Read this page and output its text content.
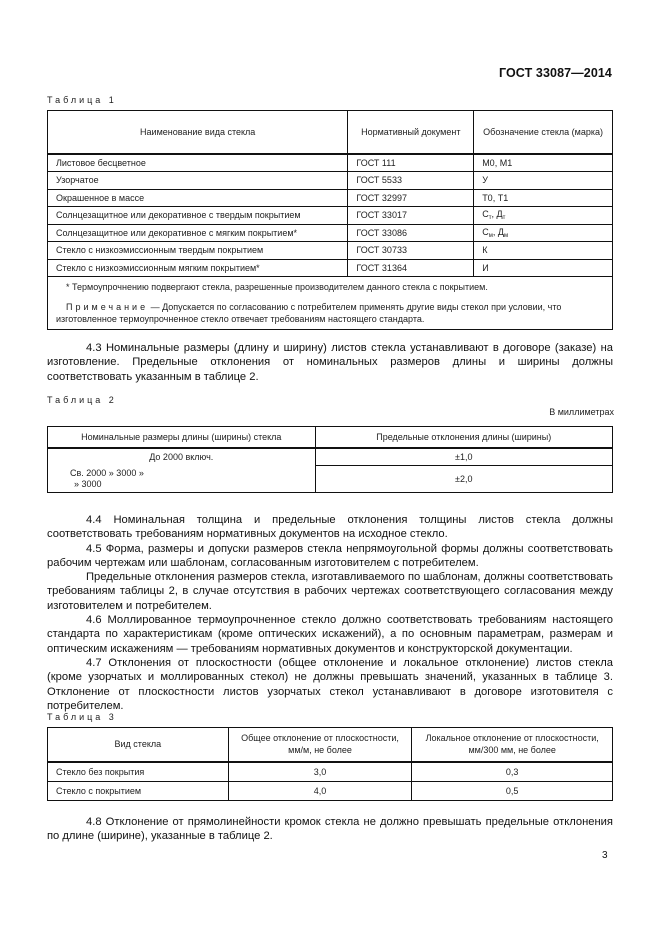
ГОСТ 33087—2014
Таблица 1
Наименование вида стекла	Нормативный документ	Обозначение стекла (марка)
Листовое бесцветное	ГОСТ 111	М0, М1
Узорчатое	ГОСТ 5533	У
Окрашенное в массе	ГОСТ 32997	Т0, Т1
Солнцезащитное или декоративное с твердым покрытием	ГОСТ 33017	$С_т$, $Д_т$
Солнцезащитное или декоративное с мягким покрытием*	ГОСТ 33086	$С_м$, $Д_м$
Стекло с низкоэмиссионным твердым покрытием	ГОСТ 30733	К
Стекло с низкоэмиссионным мягким покрытием*	ГОСТ 31364	И

* Термоупрочнению подвергают стекла, разрешенные производителем данного стекла с покрытием.

Примечание — Допускается по согласованию с потребителем применять другие виды стекол при условии, что изготовленное термоупрочненное стекло отвечает требованиям настоящего стандарта.		

4.3 Номинальные размеры (длину и ширину) листов стекла устанавливают в договоре (заказе) на изготовление. Предельные отклонения от номинальных размеров длины и ширины должны соответствовать указанным в таблице 2.

Таблица 2
В миллиметрах
Номинальные размеры длины (ширины) стекла	Предельные отклонения длины (ширины)
До 2000 включ.	±1,0

Св. 2000 » 3000 »
» 3000	±2,0

4.4 Номинальная толщина и предельные отклонения толщины листов стекла должны соответствовать требованиям нормативных документов на исходное стекло.

4.5 Форма, размеры и допуски размеров стекла непрямоугольной формы должны соответствовать рабочим чертежам или шаблонам, согласованным изготовителем с потребителем.

Предельные отклонения размеров стекла, изготавливаемого по шаблонам, должны соответствовать требованиям таблицы 2, в случае отсутствия в рабочих чертежах соответствующего согласования между изготовителем и потребителем.

4.6 Моллированное термоупрочненное стекло должно соответствовать требованиям настоящего стандарта по характеристикам (кроме оптических искажений), а по основным параметрам, размерам и оптическим искажениям — требованиям нормативных документов и конструкторской документации.

4.7 Отклонения от плоскостности (общее отклонение и локальное отклонение) листов стекла (кроме узорчатых и моллированных стекол) не должны превышать значений, указанных в таблице 3. Отклонение от плоскостности листов узорчатых стекол устанавливают в договоре изготовителя с потребителем.

Таблица 3
Вид стекла	Общее отклонение от плоскостности, мм/м, не более	Локальное отклонение от плоскостности, мм/300 мм, не более
Стекло без покрытия	3,0	0,3
Стекло с покрытием	4,0	0,5

4.8 Отклонение от прямолинейности кромок стекла не должно превышать предельные отклонения по длине (ширине), указанные в таблице 2.

3
